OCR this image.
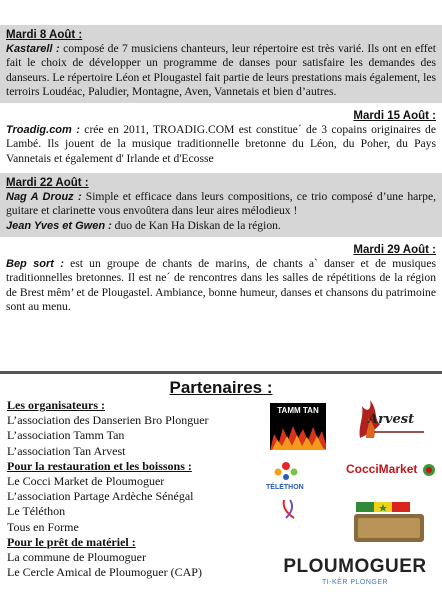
Mardi 8 Août :

Kastarell : composé de 7 musiciens chanteurs, leur répertoire est très varié. Ils ont en effet fait le choix de développer un programme de danses pour satisfaire les demandes des danseurs. Le répertoire Léon et Plougastel fait partie de leurs prestations mais également, les terroirs Loudéac, Paludier, Montagne, Aven, Vannetais et bien d’autres.

Mardi 15 Août :

Troadig.com : crée en 2011, TROADIG.COM est constitue´ de 3 copains originaires de Lambé. Ils jouent de la musique traditionnelle bretonne du Léon, du Poher, du Pays Vannetais et également d' Irlande et d'Ecosse

Mardi 22 Août :

Nag A Drouz : Simple et efficace dans leurs compositions, ce trio composé d’une harpe, guitare et clarinette vous envoûtera dans leur aires mélodieux !

Jean Yves et Gwen : duo de Kan Ha Diskan de la région.

Mardi 29 Août :

Bep sort : est un groupe de chants de marins, de chants a` danser et de musiques traditionnelles bretonnes. Il est ne´ de rencontres dans les salles de répétitions de la région de Brest mêm’ et de Plougastel. Ambiance, bonne humeur, danses et chansons du patrimoine sont au menu.

Partenaires :
Les organisateurs :
L’association des Danserien Bro Plonguer
L’association Tamm Tan
L’association Tan Arvest
Pour la restauration et les boissons :
Le Cocci Market de Ploumoguer
L’association Partage Ardèche Sénégal
Le Téléthon
Tous en Forme
Pour le prêt de matériel :
La commune de Ploumoguer
Le Cercle Amical de Ploumoguer (CAP)
TAMM TAN
Arvest
CocciMarket
TÉLÉTHON
PLOUMOGUER
TI-KÊR PLONGER
